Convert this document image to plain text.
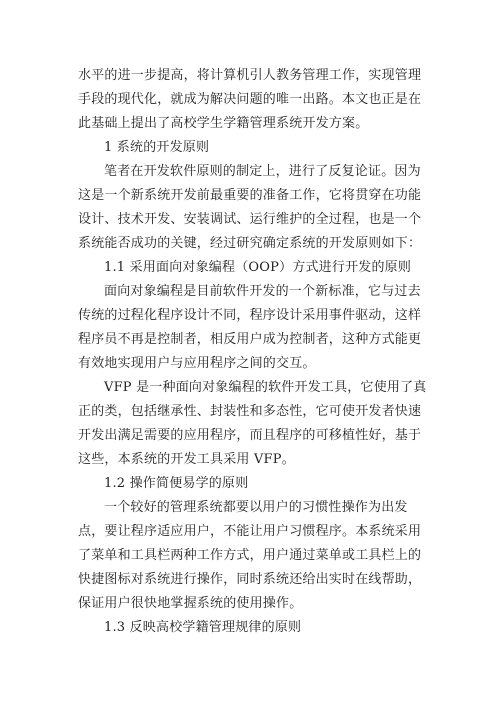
水平的进一步提高，将计算机引人教务管理工作，实现管理
手段的现代化，就成为解决问题的唯一出路。本文也正是在
此基础上提出了高校学生学籍管理系统开发方案。
1 系统的开发原则
笔者在开发软件原则的制定上，进行了反复论证。因为
这是一个新系统开发前最重要的准备工作，它将贯穿在功能
设计、技术开发、安装调试、运行维护的全过程，也是一个
系统能否成功的关键，经过研究确定系统的开发原则如下：
1.1 采用面向对象编程（OOP）方式进行开发的原则
面向对象编程是目前软件开发的一个新标准，它与过去
传统的过程化程序设计不同，程序设计采用事件驱动，这样
程序员不再是控制者，相反用户成为控制者，这种方式能更
有效地实现用户与应用程序之间的交互。
VFP 是一种面向对象编程的软件开发工具，它使用了真
正的类，包括继承性、封装性和多态性，它可使开发者快速
开发出满足需要的应用程序，而且程序的可移植性好，基于
这些，本系统的开发工具采用 VFP。
1.2 操作简便易学的原则
一个较好的管理系统都要以用户的习惯性操作为出发
点，要让程序适应用户，不能让用户习惯程序。本系统采用
了菜单和工具栏两种工作方式，用户通过菜单或工具栏上的
快捷图标对系统进行操作，同时系统还给出实时在线帮助，
保证用户很快地掌握系统的使用操作。
1.3 反映高校学籍管理规律的原则
